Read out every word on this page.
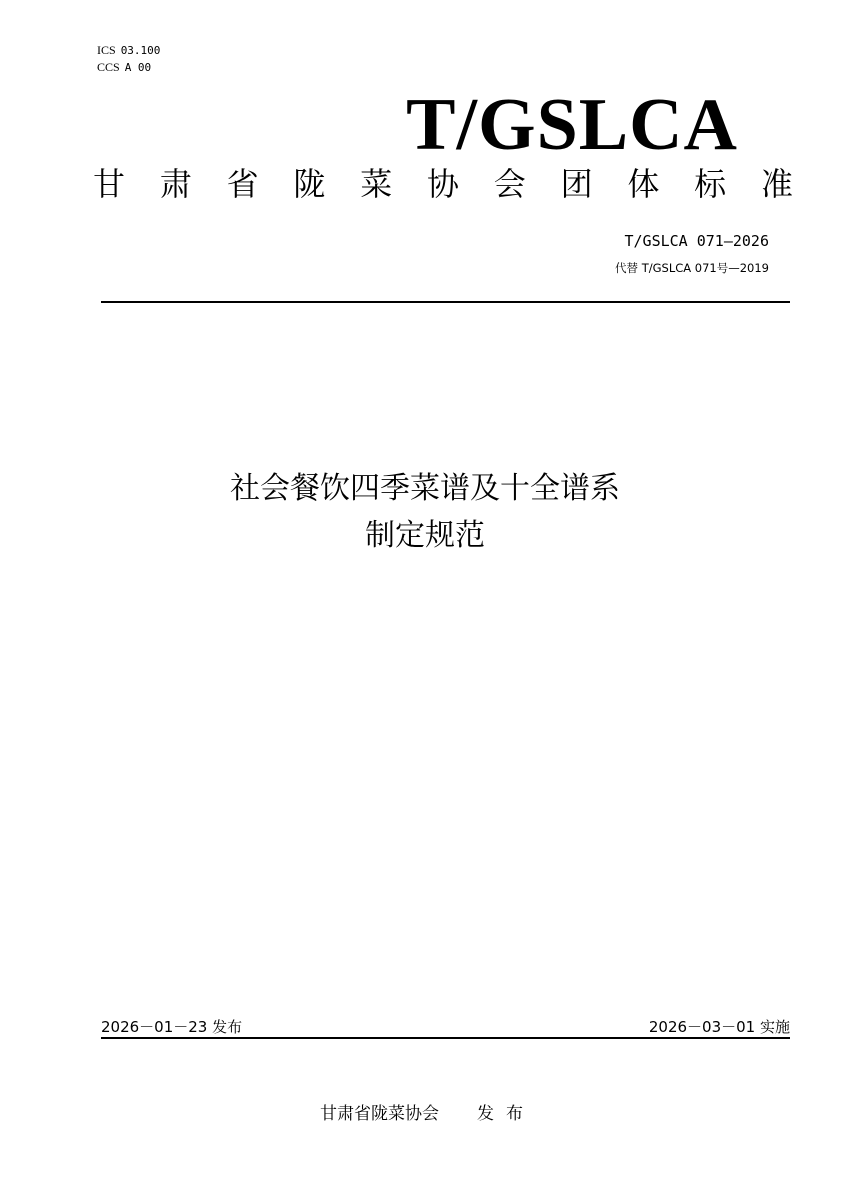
ICS 03.100
CCS A 00
T/GSLCA
甘 肃 省 陇 菜 协 会 团 体 标 准
T/GSLCA 071—2026
代替 T/GSLCA 071号—2019
社会餐饮四季菜谱及十全谱系
制定规范
2026－01－23 发布	2026－03－01 实施
甘肃省陇菜协会 发布
